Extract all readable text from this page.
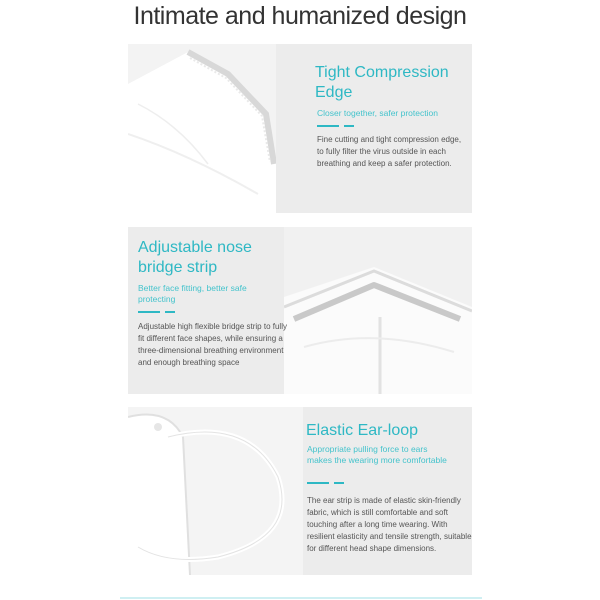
Intimate and humanized design
Tight Compression Edge
Closer together, safer protection
Fine cutting and tight compression edge, to fully filter the virus outside in each breathing and keep a safer protection.
Adjustable nose bridge strip
Better face fitting, better safe protecting
Adjustable high flexible bridge strip to fully fit different face shapes, while ensuring a three-dimensional breathing environment and enough breathing space
Elastic Ear-loop
Appropriate pulling force to ears makes the wearing more comfortable
The ear strip is made of elastic skin-friendly fabric, which is still comfortable and soft touching after a long time wearing. With resilient elasticity and tensile strength, suitable for different head shape dimensions.
